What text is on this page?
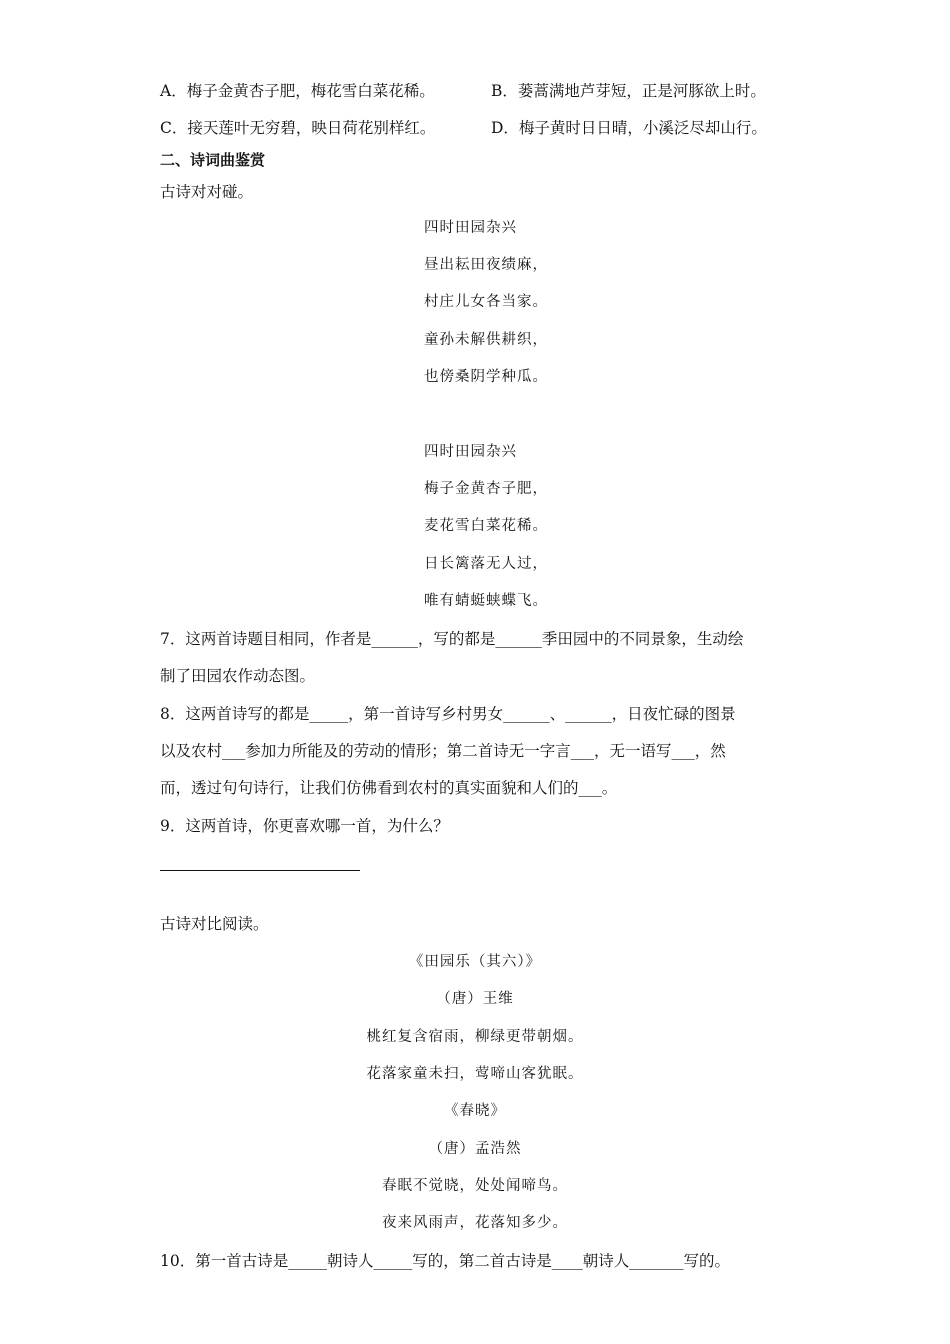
A．梅子金黄杏子肥，梅花雪白菜花稀。	B．蒌蒿满地芦芽短，正是河豚欲上时。
C．接天莲叶无穷碧，映日荷花别样红。	D．梅子黄时日日晴，小溪泛尽却山行。
二、诗词曲鉴赏
古诗对对碰。
四时田园杂兴
昼出耘田夜绩麻，
村庄儿女各当家。
童孙未解供耕织，
也傍桑阴学种瓜。
四时田园杂兴
梅子金黄杏子肥，
麦花雪白菜花稀。
日长篱落无人过，
唯有蜻蜓蛱蝶飞。
7．这两首诗题目相同，作者是______，写的都是______季田园中的不同景象，生动绘
制了田园农作动态图。
8．这两首诗写的都是_____，第一首诗写乡村男女______、______，日夜忙碌的图景
以及农村___参加力所能及的劳动的情形；第二首诗无一字言___，无一语写___，然
而，透过句句诗行，让我们仿佛看到农村的真实面貌和人们的___。
9．这两首诗，你更喜欢哪一首，为什么？
古诗对比阅读。
《田园乐（其六）》
（唐）王维
桃红复含宿雨，柳绿更带朝烟。
花落家童未扫，莺啼山客犹眠。
《春晓》
（唐）孟浩然
春眠不觉晓，处处闻啼鸟。
夜来风雨声，花落知多少。
10．第一首古诗是_____朝诗人_____写的，第二首古诗是____朝诗人_______写的。
